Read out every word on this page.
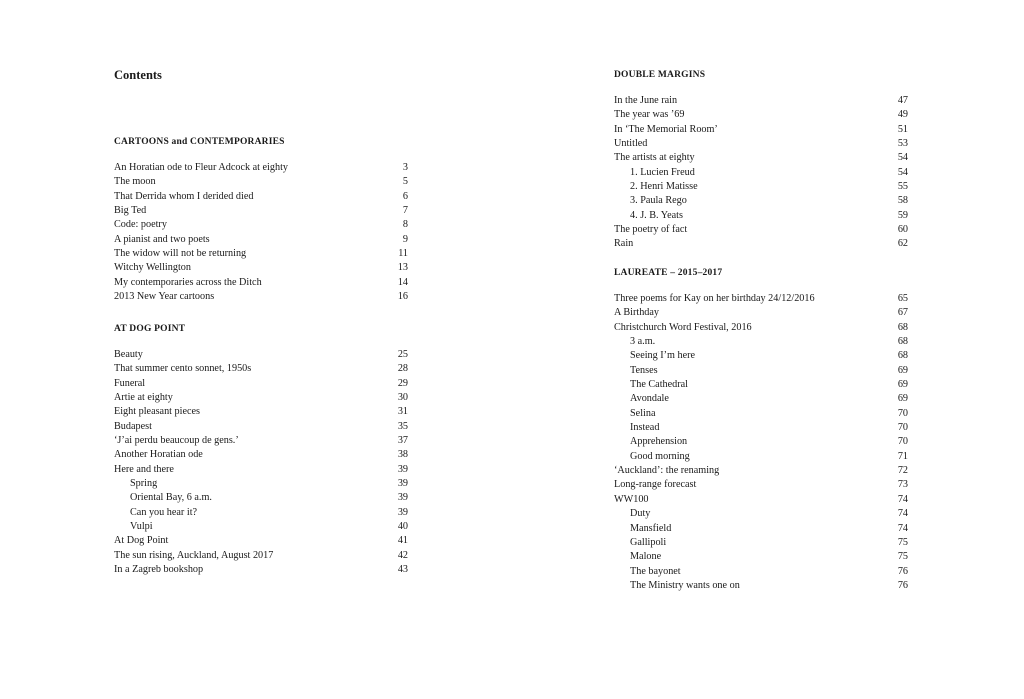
Contents
CARTOONS and CONTEMPORARIES
An Horatian ode to Fleur Adcock at eighty	3
The moon	5
That Derrida whom I derided died	6
Big Ted	7
Code: poetry	8
A pianist and two poets	9
The widow will not be returning	11
Witchy Wellington	13
My contemporaries across the Ditch	14
2013 New Year cartoons	16
AT DOG POINT
Beauty	25
That summer cento sonnet, 1950s	28
Funeral	29
Artie at eighty	30
Eight pleasant pieces	31
Budapest	35
‘J’ai perdu beaucoup de gens.’	37
Another Horatian ode	38
Here and there	39
Spring	39
Oriental Bay, 6 a.m.	39
Can you hear it?	39
Vulpi	40
At Dog Point	41
The sun rising, Auckland, August 2017	42
In a Zagreb bookshop	43
DOUBLE MARGINS
In the June rain	47
The year was ’69	49
In ‘The Memorial Room’	51
Untitled	53
The artists at eighty	54
1. Lucien Freud	54
2. Henri Matisse	55
3. Paula Rego	58
4. J. B. Yeats	59
The poetry of fact	60
Rain	62
LAUREATE – 2015–2017
Three poems for Kay on her birthday 24/12/2016	65
A Birthday	67
Christchurch Word Festival, 2016	68
3 a.m.	68
Seeing I’m here	68
Tenses	69
The Cathedral	69
Avondale	69
Selina	70
Instead	70
Apprehension	70
Good morning	71
‘Auckland’: the renaming	72
Long-range forecast	73
WW100	74
Duty	74
Mansfield	74
Gallipoli	75
Malone	75
The bayonet	76
The Ministry wants one on	76
